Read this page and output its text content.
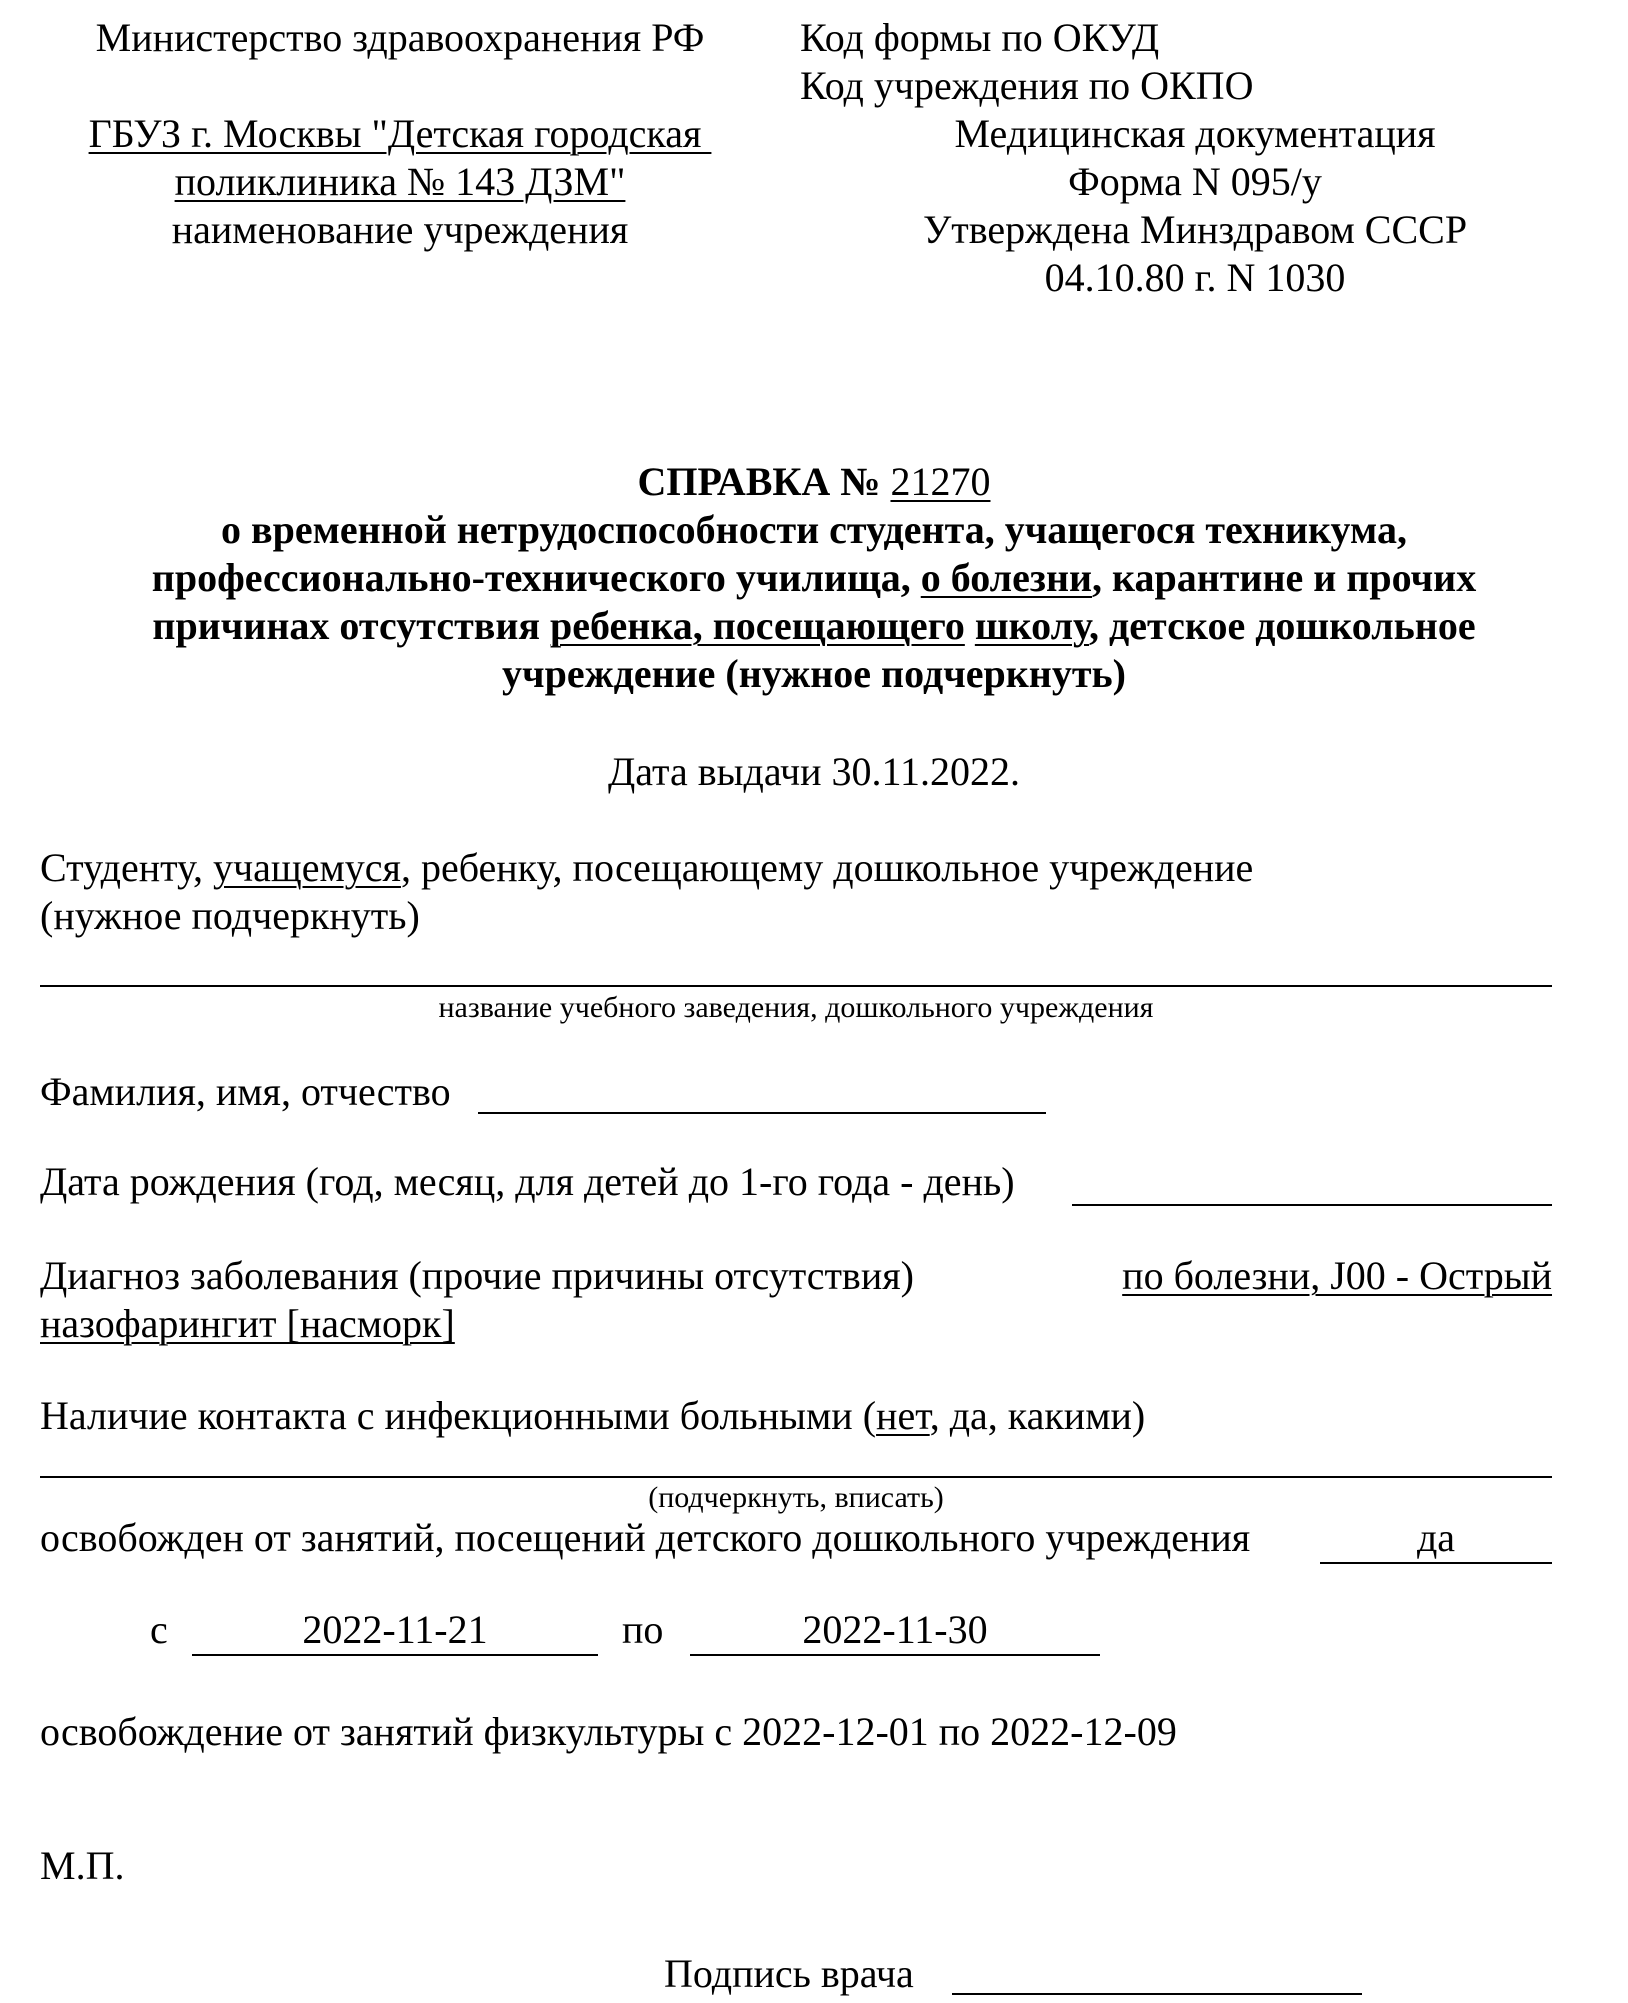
Министерство здравоохранения РФ
ГБУЗ г. Москвы "Детская городская
поликлиника № 143 ДЗМ"
наименование учреждения
Код формы по ОКУД
Код учреждения по ОКПО
Медицинская документация
Форма N 095/у
Утверждена Минздравом СССР
04.10.80 г. N 1030
СПРАВКА № 21270
о временной нетрудоспособности студента, учащегося техникума,
профессионально-технического училища, о болезни, карантине и прочих
причинах отсутствия ребенка, посещающего школу, детское дошкольное
учреждение (нужное подчеркнуть)
Дата выдачи 30.11.2022.
Студенту, учащемуся, ребенку, посещающему дошкольное учреждение
(нужное подчеркнуть)
название учебного заведения, дошкольного учреждения
Фамилия, имя, отчество
Дата рождения (год, месяц, для детей до 1-го года - день)
Диагноз заболевания (прочие причины отсутствия)	по болезни, J00 - Острый
назофарингит [насморк]
Наличие контакта с инфекционными больными (нет, да, какими)
(подчеркнуть, вписать)
освобожден от занятий, посещений детского дошкольного учреждения	да
с	2022-11-21	по	2022-11-30
освобождение от занятий физкультуры с 2022-12-01 по 2022-12-09
М.П.
Подпись врача
